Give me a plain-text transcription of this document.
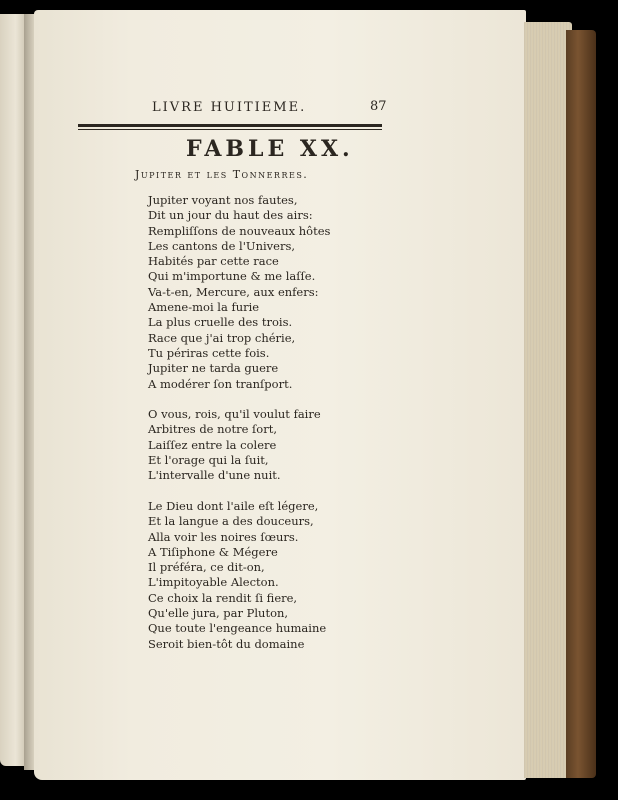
LIVRE HUITIEME.	87
FABLE XX.
Jupiter et les Tonnerres.
Jupiter voyant nos fautes,
Dit un jour du haut des airs:
Rempliſſons de nouveaux hôtes
Les cantons de l'Univers,
Habités par cette race
Qui m'importune & me laſſe.
Va-t-en, Mercure, aux enfers:
Amene-moi la furie
La plus cruelle des trois.
Race que j'ai trop chérie,
Tu périras cette fois.
Jupiter ne tarda guere
A modérer ſon tranſport.
O vous, rois, qu'il voulut faire
Arbitres de notre ſort,
Laiſſez entre la colere
Et l'orage qui la ſuit,
L'intervalle d'une nuit.
Le Dieu dont l'aile eſt légere,
Et la langue a des douceurs,
Alla voir les noires ſœurs.
A Tiſiphone & Mégere
Il préféra, ce dit-on,
L'impitoyable Alecton.
Ce choix la rendit ſi fiere,
Qu'elle jura, par Pluton,
Que toute l'engeance humaine
Seroit bien-tôt du domaine
